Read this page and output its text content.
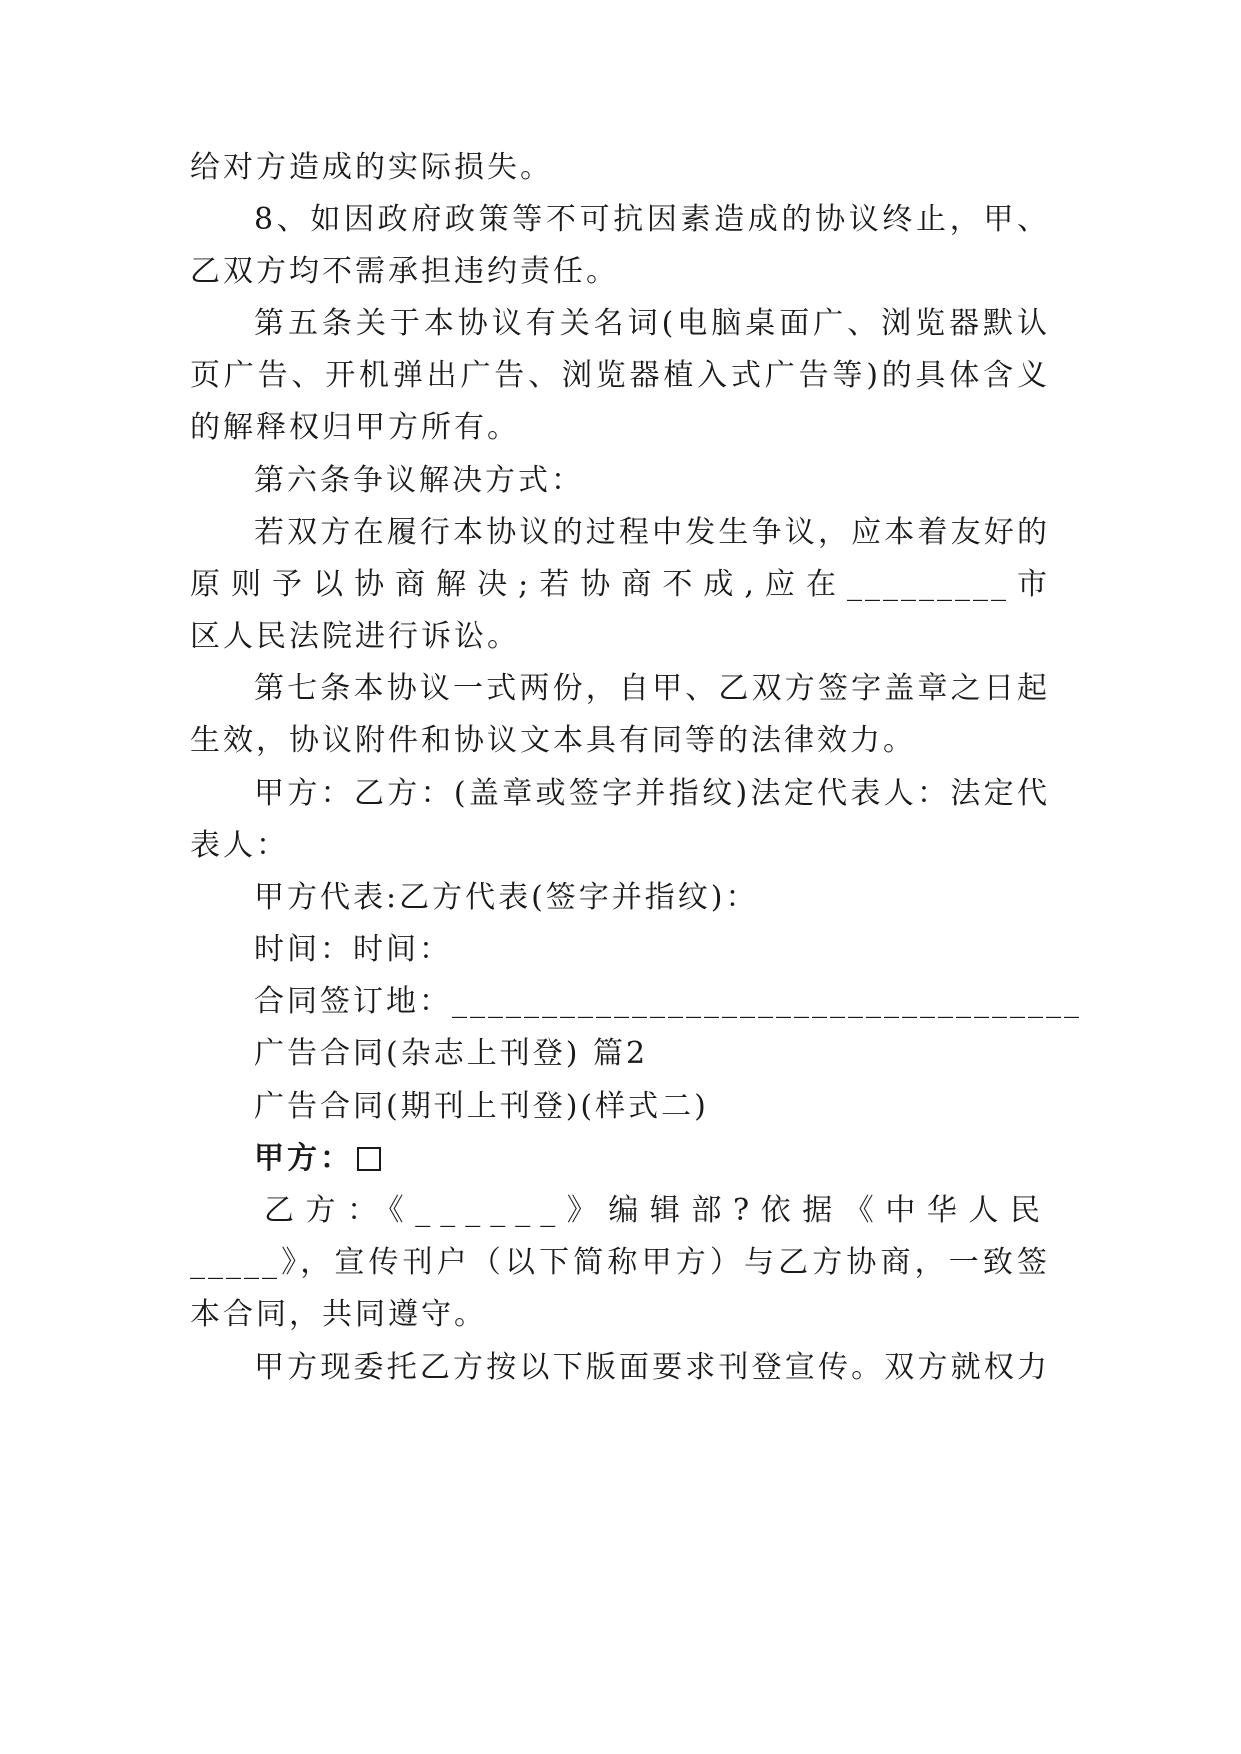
给对方造成的实际损失。
8、如因政府政策等不可抗因素造成的协议终止，甲、
乙双方均不需承担违约责任。
第五条关于本协议有关名词(电脑桌面广、浏览器默认
页广告、开机弹出广告、浏览器植入式广告等)的具体含义
的解释权归甲方所有。
第六条争议解决方式：
若双方在履行本协议的过程中发生争议，应本着友好的
原则予以协商解决;若协商不成,应在_________市
区人民法院进行诉讼。
第七条本协议一式两份，自甲、乙双方签字盖章之日起
生效，协议附件和协议文本具有同等的法律效力。
甲方：乙方：(盖章或签字并指纹)法定代表人：法定代
表人：
甲方代表:乙方代表(签字并指纹)：
时间：时间：
合同签订地：___________________________________
广告合同(杂志上刊登) 篇2
广告合同(期刊上刊登)(样式二)
甲方：
乙方：《______》编辑部?依据《中华人民
_____》，宣传刊户（以下简称甲方）与乙方协商，一致签
本合同，共同遵守。
甲方现委托乙方按以下版面要求刊登宣传。双方就权力
